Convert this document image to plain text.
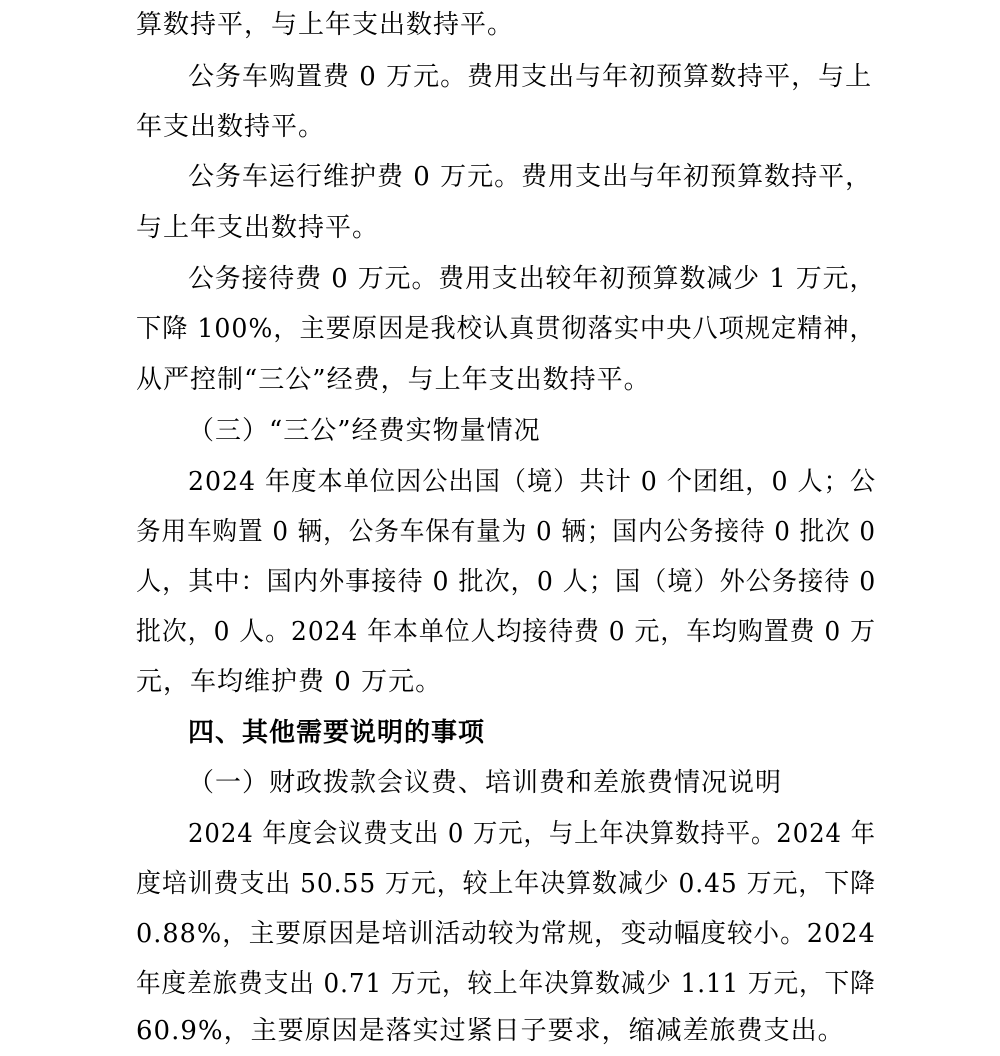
算数持平，与上年支出数持平。
公务车购置费 0 万元。费用支出与年初预算数持平，与上
年支出数持平。
公务车运行维护费 0 万元。费用支出与年初预算数持平，
与上年支出数持平。
公务接待费 0 万元。费用支出较年初预算数减少 1 万元，
下降 100%，主要原因是我校认真贯彻落实中央八项规定精神，
从严控制“三公”经费，与上年支出数持平。
（三）“三公”经费实物量情况
2024 年度本单位因公出国（境）共计 0 个团组，0 人；公
务用车购置 0 辆，公务车保有量为 0 辆；国内公务接待 0 批次 0
人，其中：国内外事接待 0 批次，0 人；国（境）外公务接待 0
批次，0 人。2024 年本单位人均接待费 0 元，车均购置费 0 万
元，车均维护费 0 万元。
四、其他需要说明的事项
（一）财政拨款会议费、培训费和差旅费情况说明
2024 年度会议费支出 0 万元，与上年决算数持平。2024 年
度培训费支出 50.55 万元，较上年决算数减少 0.45 万元，下降
0.88%，主要原因是培训活动较为常规，变动幅度较小。2024
年度差旅费支出 0.71 万元，较上年决算数减少 1.11 万元，下降
60.9%，主要原因是落实过紧日子要求，缩减差旅费支出。
